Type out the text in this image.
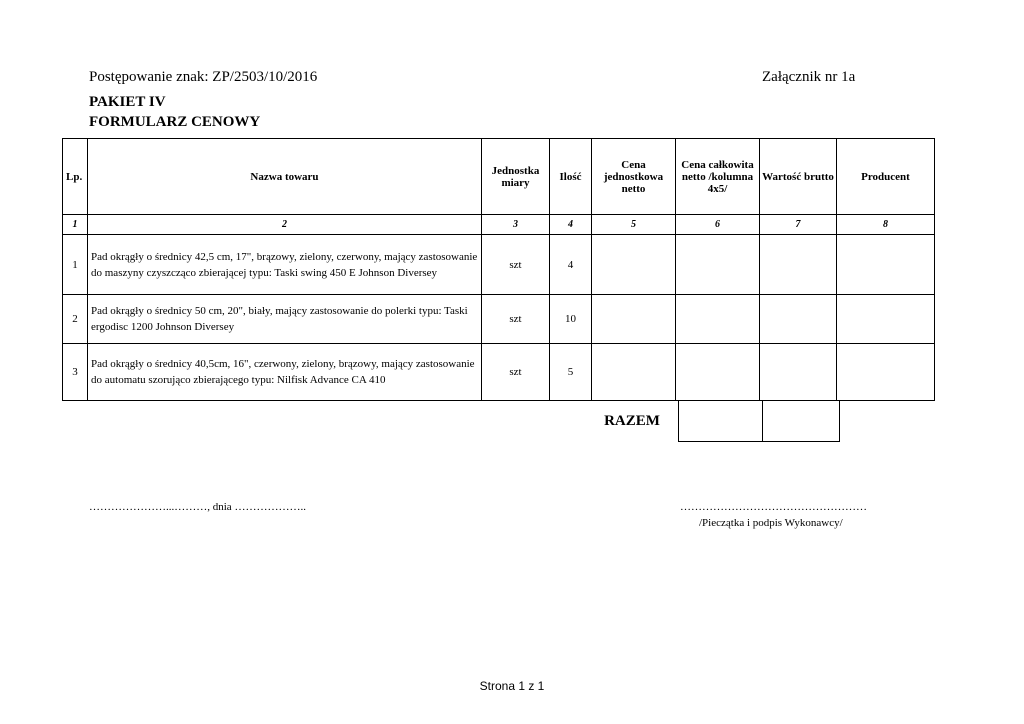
Postępowanie znak: ZP/2503/10/2016	Załącznik nr 1a
PAKIET IV
FORMULARZ CENOWY
Lp.	Nazwa towaru	Jednostka miary	Ilość	Cena jednostkowa netto	Cena całkowita netto /kolumna 4x5/	Wartość brutto	Producent
1	2	3	4	5	6	7	8
1	Pad okrągły o średnicy 42,5 cm, 17", brązowy, zielony, czerwony, mający zastosowanie do maszyny czyszcząco zbierającej typu: Taski swing 450 E Johnson Diversey	szt	4				
2	Pad okrągły o średnicy 50 cm, 20", biały, mający zastosowanie do polerki typu: Taski ergodisc 1200 Johnson Diversey	szt	10				
3	Pad okrągły o średnicy 40,5cm, 16", czerwony, zielony, brązowy, mający zastosowanie do automatu szorująco zbierającego typu: Nilfisk Advance CA 410	szt	5				
RAZEM		
…………………...………, dnia ………………..	……………………………………………
/Pieczątka i podpis Wykonawcy/
Strona 1 z 1
